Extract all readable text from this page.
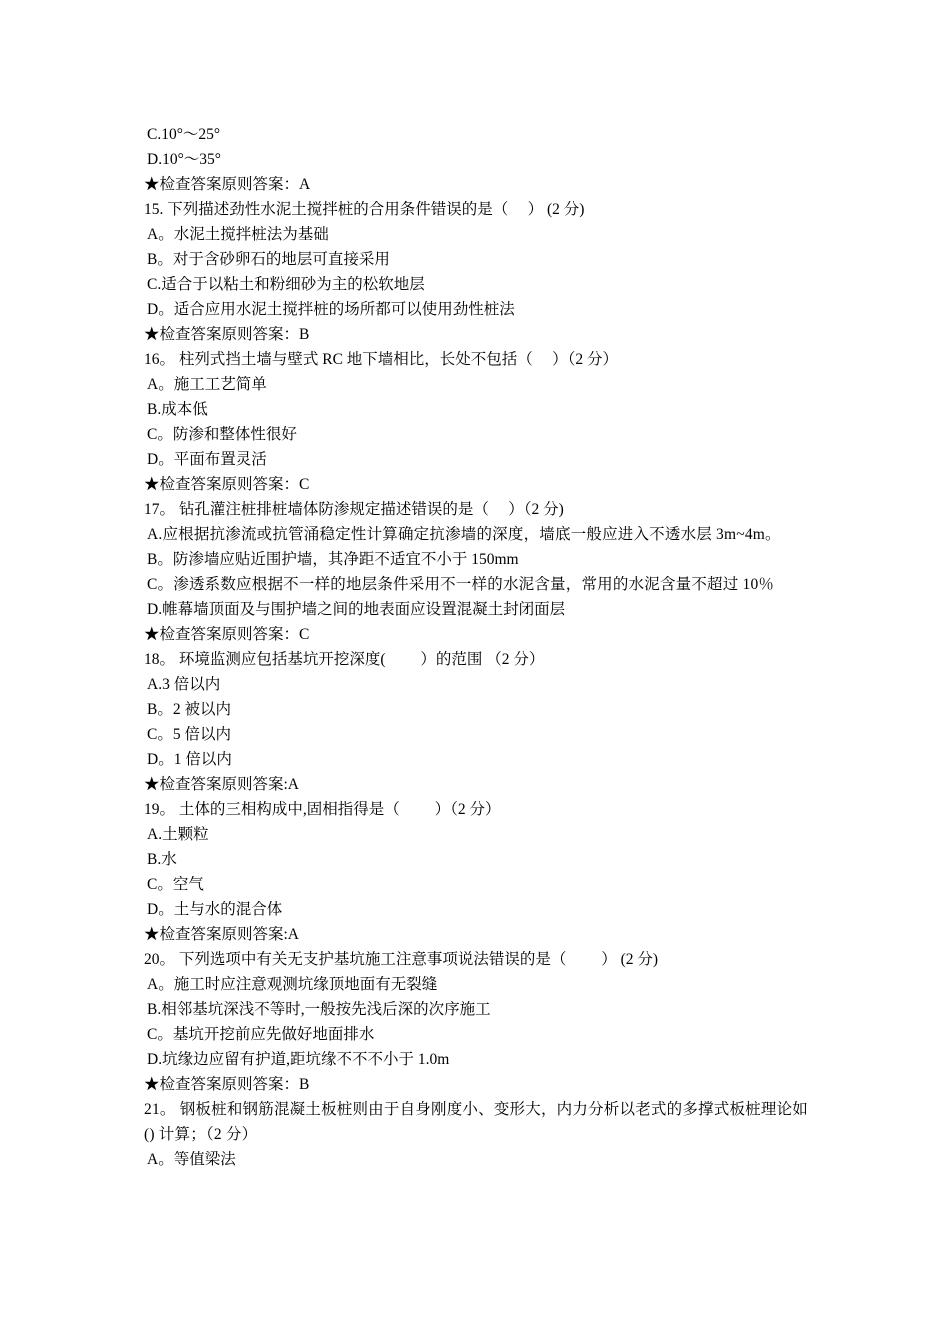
C.10°～25°
D.10°～35°
★检查答案原则答案：A
15. 下列描述劲性水泥土搅拌桩的合用条件错误的是（　 ） (2 分)
A。水泥土搅拌桩法为基础
B。对于含砂卵石的地层可直接采用
C.适合于以粘土和粉细砂为主的松软地层
D。适合应用水泥土搅拌桩的场所都可以使用劲性桩法
★检查答案原则答案：B
16。 柱列式挡土墙与壁式 RC 地下墙相比，长处不包括（　 ）（2 分）
A。施工工艺简单
B.成本低
C。防渗和整体性很好
D。平面布置灵活
★检查答案原则答案：C
17。 钻孔灌注桩排桩墙体防渗规定描述错误的是（　 ）（2 分)
A.应根据抗渗流或抗管涌稳定性计算确定抗渗墙的深度，墙底一般应进入不透水层 3m~4m。
B。防渗墙应贴近围护墙，其净距不适宜不小于 150mm
C。渗透系数应根据不一样的地层条件采用不一样的水泥含量，常用的水泥含量不超过 10％
D.帷幕墙顶面及与围护墙之间的地表面应设置混凝土封闭面层
★检查答案原则答案：C
18。 环境监测应包括基坑开挖深度(　　 ）的范围 （2 分）
A.3 倍以内
B。2 被以内
C。5 倍以内
D。1 倍以内
★检查答案原则答案:A
19。 土体的三相构成中,固相指得是（　　 ）（2 分）
A.土颗粒
B.水
C。空气
D。土与水的混合体
★检查答案原则答案:A
20。 下列选项中有关无支护基坑施工注意事项说法错误的是（　　 ） (2 分)
A。施工时应注意观测坑缘顶地面有无裂缝
B.相邻基坑深浅不等时,一般按先浅后深的次序施工
C。基坑开挖前应先做好地面排水
D.坑缘边应留有护道,距坑缘不不不小于 1.0m
★检查答案原则答案：B
21。 钢板桩和钢筋混凝土板桩则由于自身刚度小、变形大，内力分析以老式的多撑式板桩理论如() 计算；（2 分）
A。等值梁法
